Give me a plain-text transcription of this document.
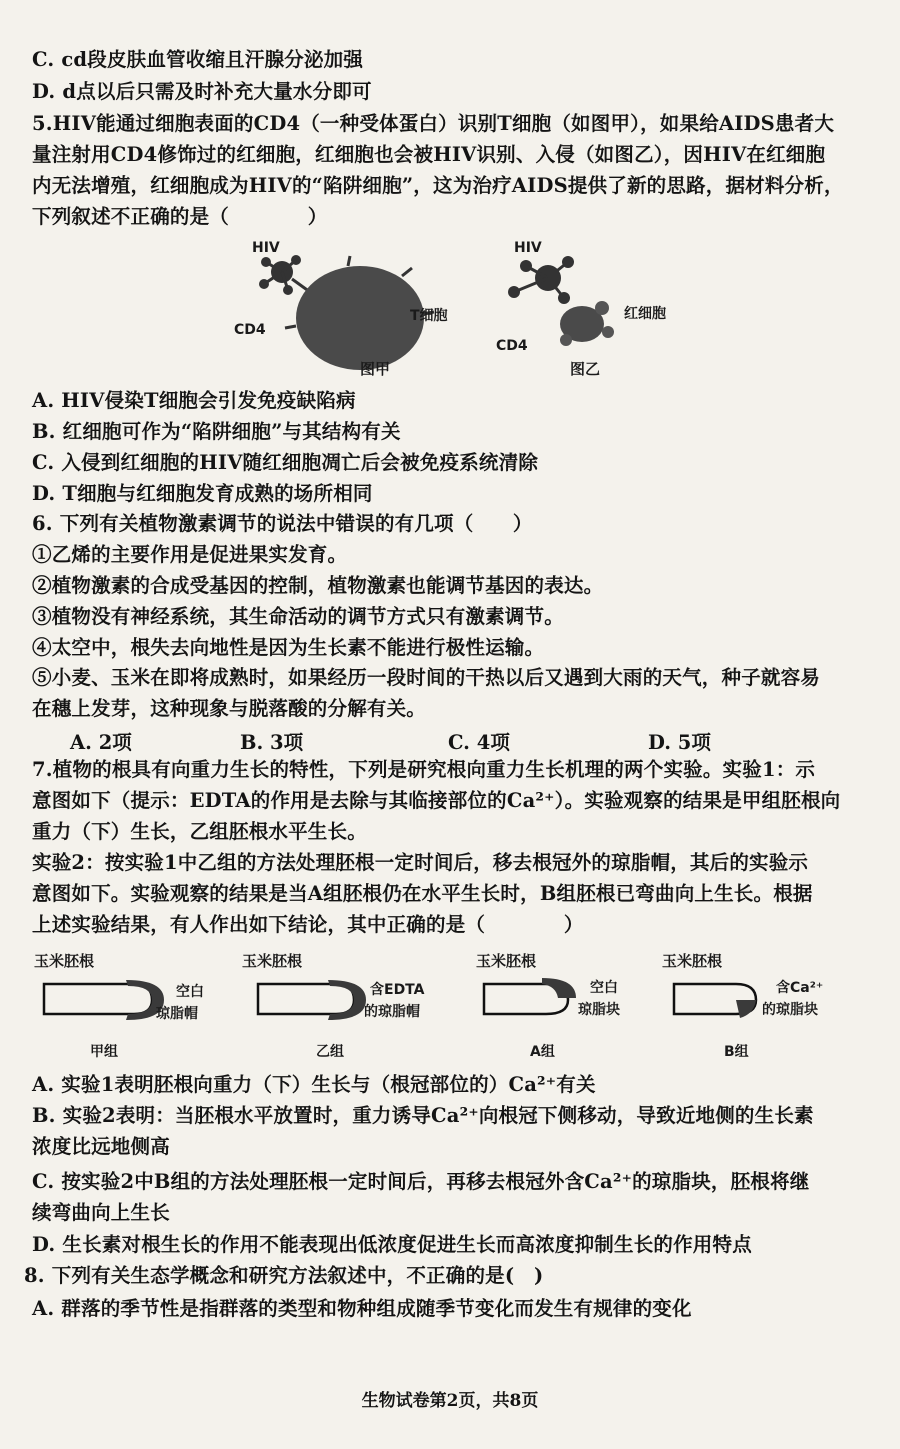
C. cd段皮肤血管收缩且汗腺分泌加强
D. d点以后只需及时补充大量水分即可
5.HIV能通过细胞表面的CD4（一种受体蛋白）识别T细胞（如图甲），如果给AIDS患者大
量注射用CD4修饰过的红细胞，红细胞也会被HIV识别、入侵（如图乙），因HIV在红细胞
内无法增殖，红细胞成为HIV的“陷阱细胞”，这为治疗AIDS提供了新的思路，据材料分析，
下列叙述不正确的是（　　　　）
HIV
T细胞
CD4
图甲
HIV
红细胞
CD4
图乙
A. HIV侵染T细胞会引发免疫缺陷病
B. 红细胞可作为“陷阱细胞”与其结构有关
C. 入侵到红细胞的HIV随红细胞凋亡后会被免疫系统清除
D. T细胞与红细胞发育成熟的场所相同
6. 下列有关植物激素调节的说法中错误的有几项（　　）
①乙烯的主要作用是促进果实发育。
②植物激素的合成受基因的控制，植物激素也能调节基因的表达。
③植物没有神经系统，其生命活动的调节方式只有激素调节。
④太空中，根失去向地性是因为生长素不能进行极性运输。
⑤小麦、玉米在即将成熟时，如果经历一段时间的干热以后又遇到大雨的天气，种子就容易
在穗上发芽，这种现象与脱落酸的分解有关。
A. 2项	B. 3项	C. 4项	D. 5项
7.植物的根具有向重力生长的特性，下列是研究根向重力生长机理的两个实验。实验1：示
意图如下（提示：EDTA的作用是去除与其临接部位的Ca²⁺）。实验观察的结果是甲组胚根向
重力（下）生长，乙组胚根水平生长。
实验2：按实验1中乙组的方法处理胚根一定时间后，移去根冠外的琼脂帽，其后的实验示
意图如下。实验观察的结果是当A组胚根仍在水平生长时，B组胚根已弯曲向上生长。根据
上述实验结果，有人作出如下结论，其中正确的是（　　　　）
玉米胚根
空白
琼脂帽
甲组
玉米胚根
含EDTA
的琼脂帽
乙组
玉米胚根
空白
琼脂块
A组
玉米胚根
含Ca²⁺
的琼脂块
B组
A. 实验1表明胚根向重力（下）生长与（根冠部位的）Ca²⁺有关
B. 实验2表明：当胚根水平放置时，重力诱导Ca²⁺向根冠下侧移动，导致近地侧的生长素
浓度比远地侧高
C. 按实验2中B组的方法处理胚根一定时间后，再移去根冠外含Ca²⁺的琼脂块，胚根将继
续弯曲向上生长
D. 生长素对根生长的作用不能表现出低浓度促进生长而高浓度抑制生长的作用特点
8. 下列有关生态学概念和研究方法叙述中，不正确的是(　)
A. 群落的季节性是指群落的类型和物种组成随季节变化而发生有规律的变化
生物试卷第2页，共8页
